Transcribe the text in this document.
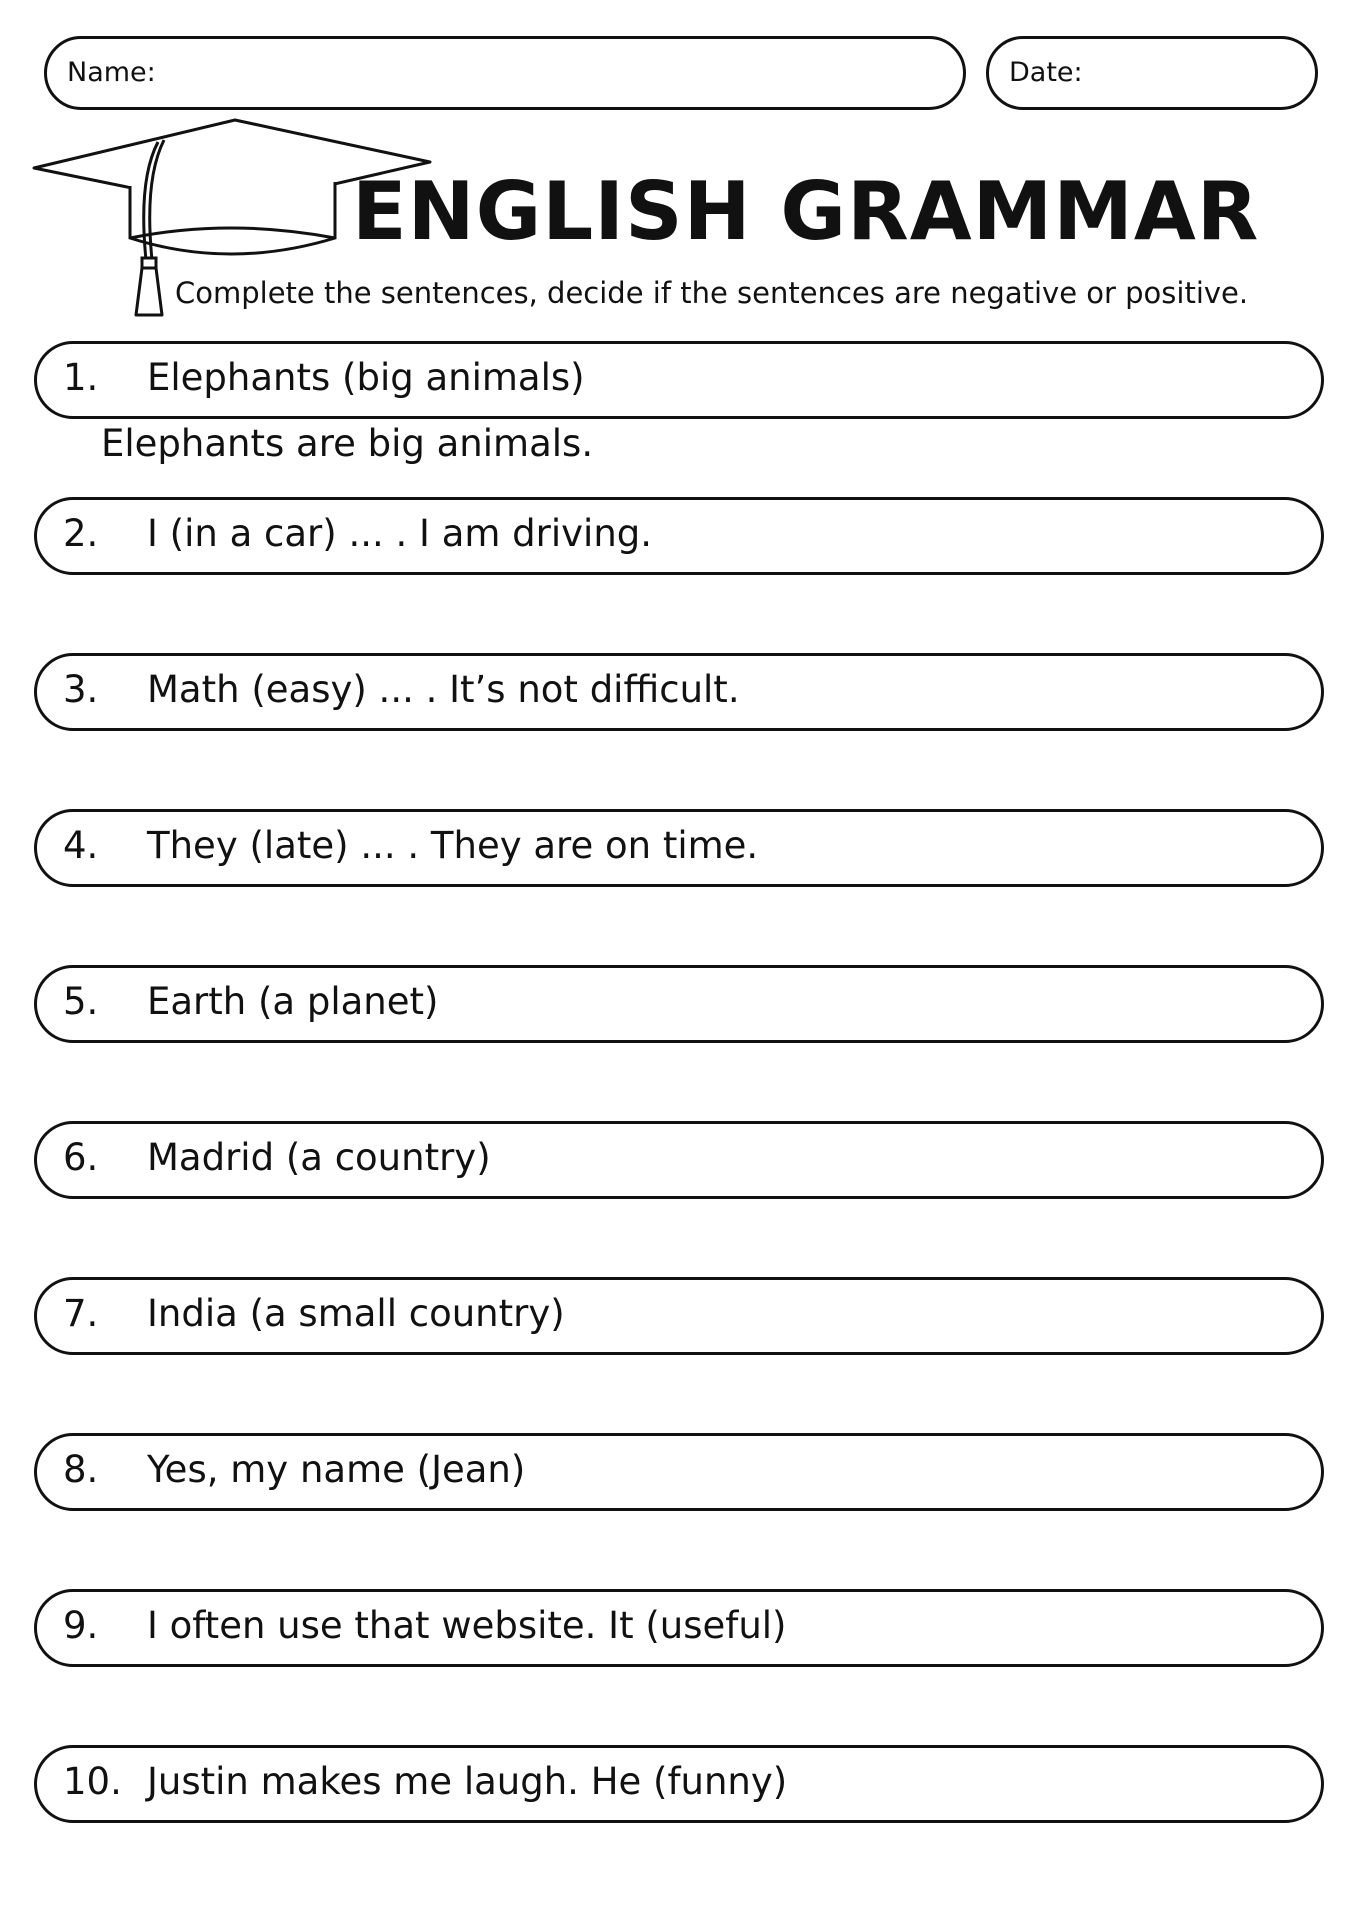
Name:	Date:
ENGLISH GRAMMAR
Complete the sentences, decide if the sentences are negative or positive.
1. Elephants (big animals)
Elephants are big animals.
2. I (in a car) ... . I am driving.
3. Math (easy) ... . It’s not difficult.
4. They (late) ... . They are on time.
5. Earth (a planet)
6. Madrid (a country)
7. India (a small country)
8. Yes, my name (Jean)
9. I often use that website. It (useful)
10. Justin makes me laugh. He (funny)
